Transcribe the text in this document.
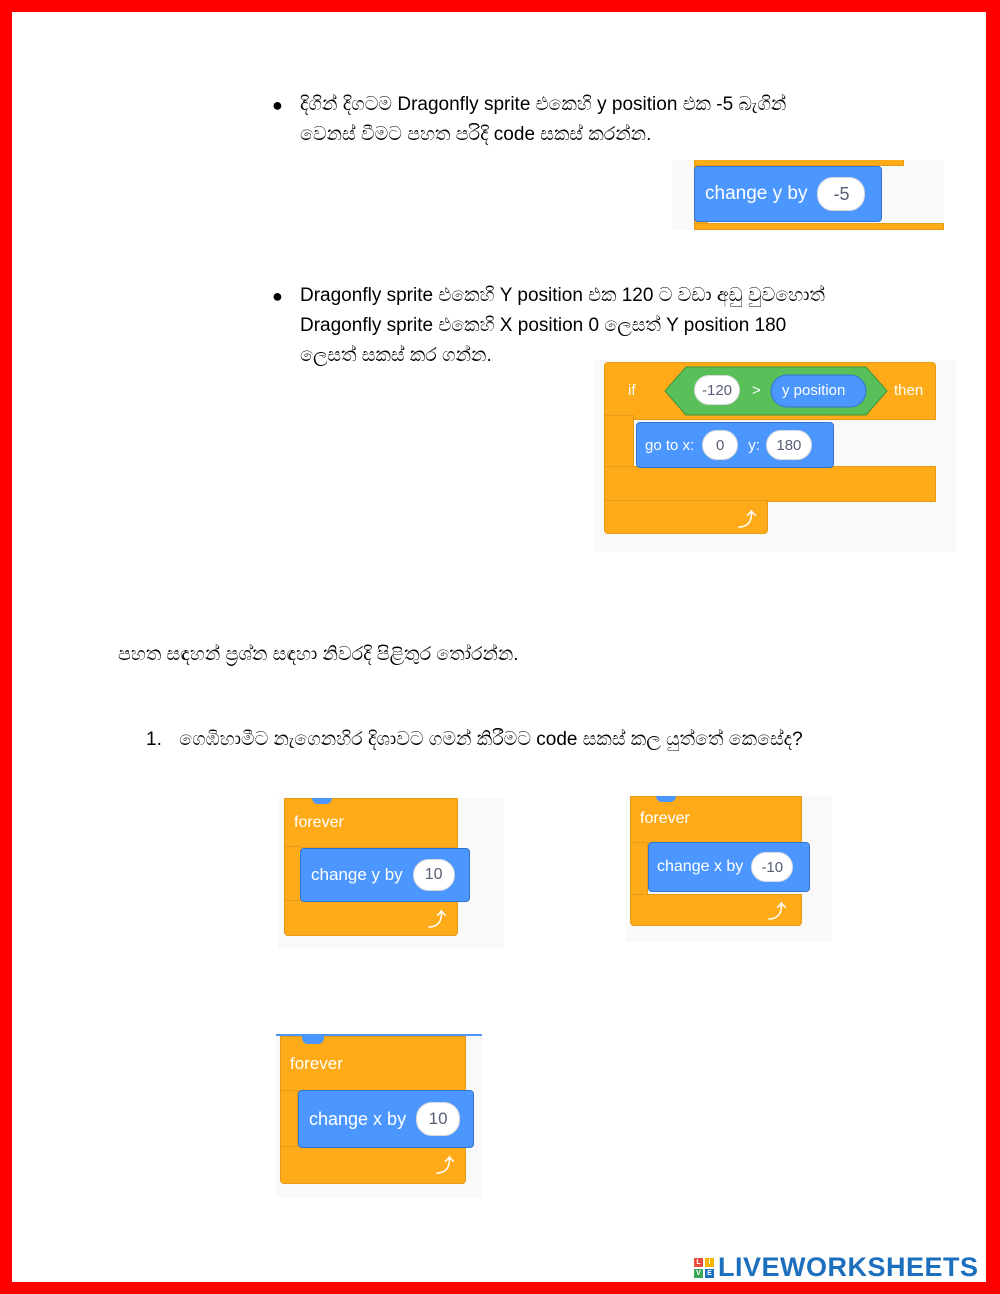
● දිගින් දිගටම Dragonfly sprite එකෙහි y position එක -5 බැගින්
වෙනස් වීමට පහත පරිදි code සකස් කරන්න.
change y by	-5
● Dragonfly sprite එකෙහි Y position එක 120 ට වඩා අඩු වුවහොත්
Dragonfly sprite එකෙහි X position 0 ලෙසත් Y position 180
ලෙසත් සකස් කර ගන්න.
if	-120	> y position	then
go to x:	0	y:	180
⤴
පහත සඳහන් ප්‍රශ්න සඳහා නිවරදි පිළිතුර තෝරන්න.
1. ගෙඹිහාමීට නැගෙනහිර දිශාවට ගමන් කිරීමට code සකස් කල යුත්තේ කෙසේද?
forever
change y by	10
⤴
forever
change x by	-10
⤴
forever
change x by	10
⤴
L	I
V E LIVEWORKSHEETS
